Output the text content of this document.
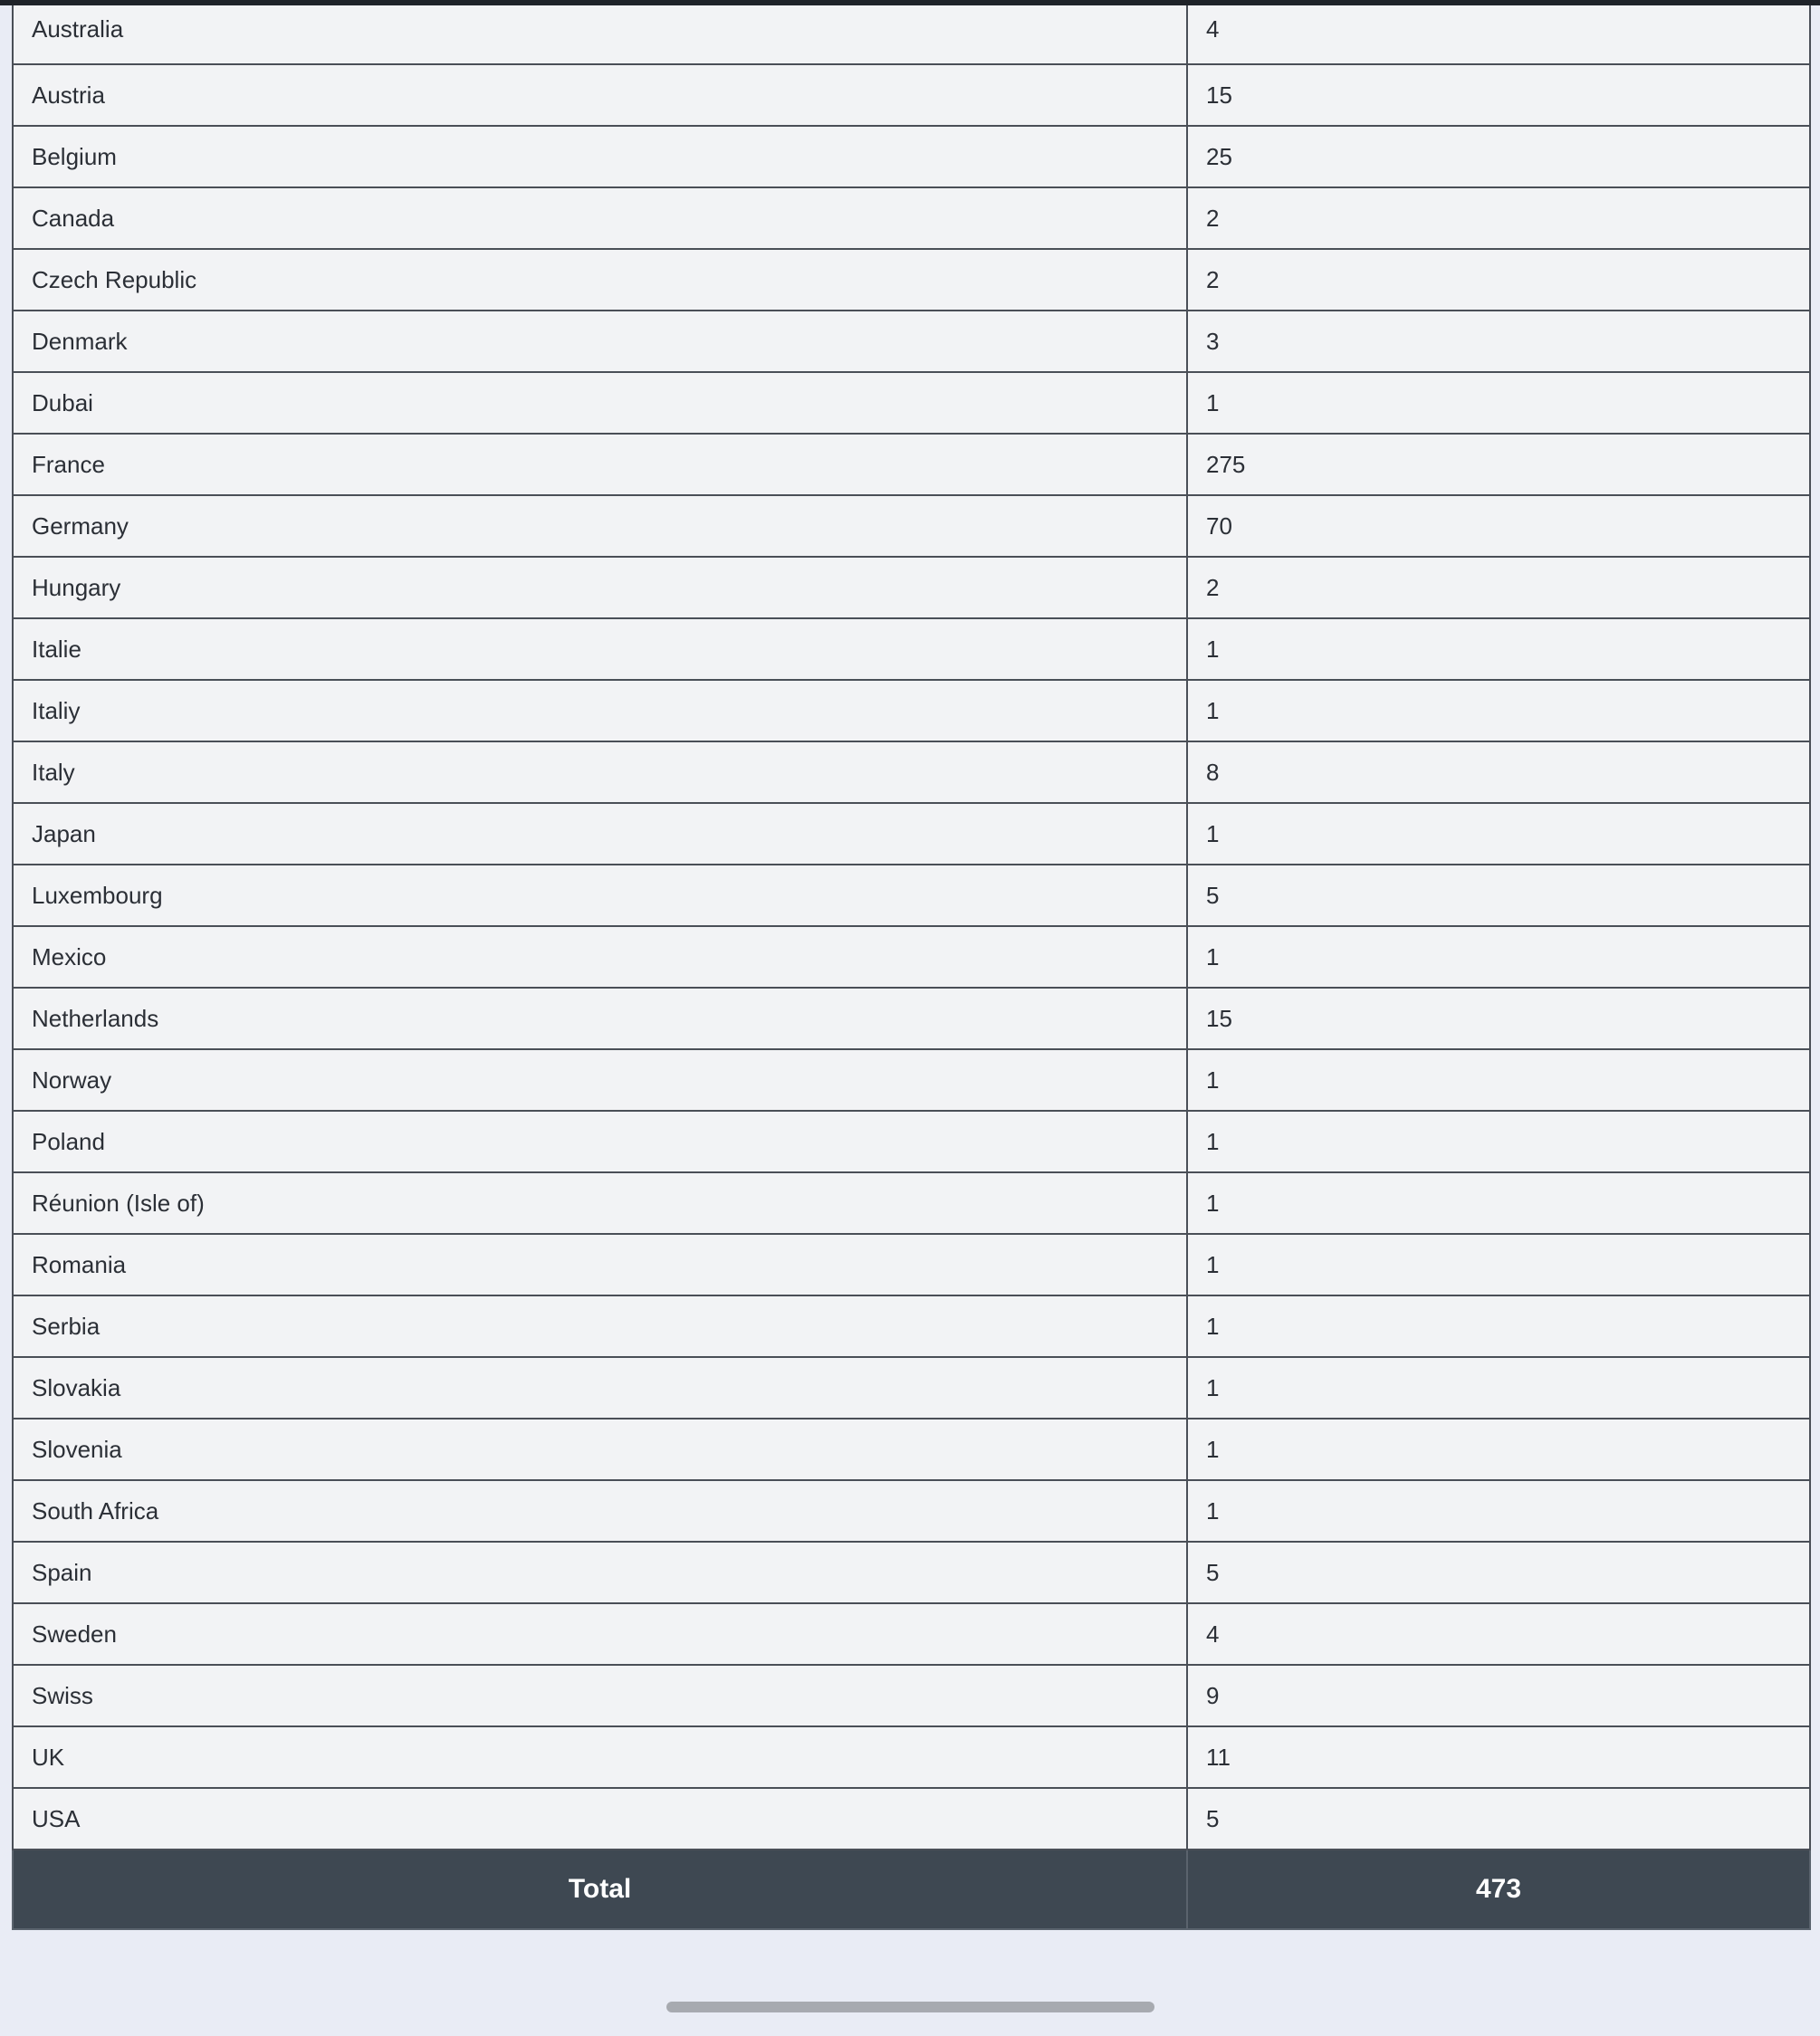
Australia	4
Austria	15
Belgium	25
Canada	2
Czech Republic	2
Denmark	3
Dubai	1
France	275
Germany	70
Hungary	2
Italie	1
Italiy	1
Italy	8
Japan	1
Luxembourg	5
Mexico	1
Netherlands	15
Norway	1
Poland	1
Réunion (Isle of)	1
Romania	1
Serbia	1
Slovakia	1
Slovenia	1
South Africa	1
Spain	5
Sweden	4
Swiss	9
UK	11
USA	5
Total	473
